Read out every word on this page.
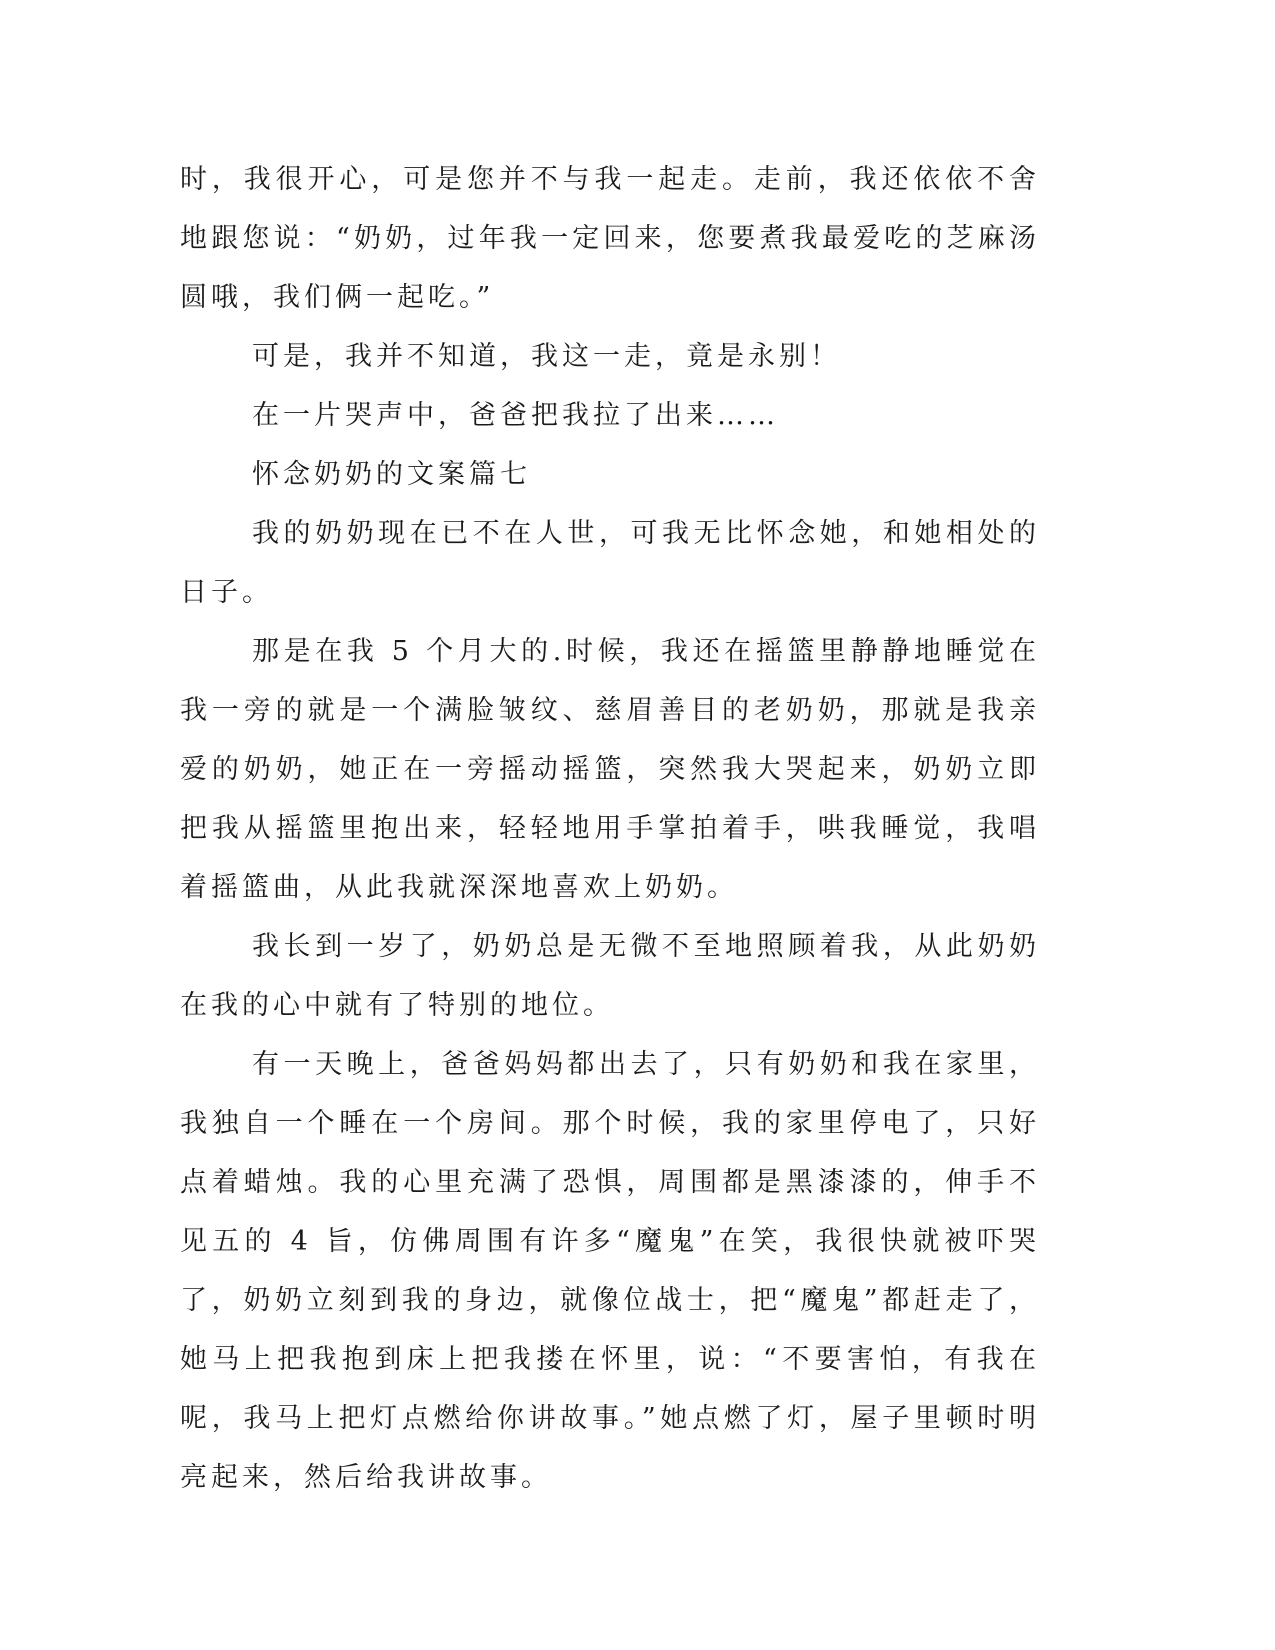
时，我很开心，可是您并不与我一起走。走前，我还依依不舍地跟您说：“奶奶，过年我一定回来，您要煮我最爱吃的芝麻汤圆哦，我们俩一起吃。”

可是，我并不知道，我这一走，竟是永别！

在一片哭声中，爸爸把我拉了出来……

怀念奶奶的文案篇七

我的奶奶现在已不在人世，可我无比怀念她，和她相处的日子。

那是在我 5 个月大的.时候，我还在摇篮里静静地睡觉在我一旁的就是一个满脸皱纹、慈眉善目的老奶奶，那就是我亲爱的奶奶，她正在一旁摇动摇篮，突然我大哭起来，奶奶立即把我从摇篮里抱出来，轻轻地用手掌拍着手，哄我睡觉，我唱着摇篮曲，从此我就深深地喜欢上奶奶。

我长到一岁了，奶奶总是无微不至地照顾着我，从此奶奶在我的心中就有了特别的地位。

有一天晚上，爸爸妈妈都出去了，只有奶奶和我在家里，我独自一个睡在一个房间。那个时候，我的家里停电了，只好点着蜡烛。我的心里充满了恐惧，周围都是黑漆漆的，伸手不见五的 4 旨，仿佛周围有许多“魔鬼”在笑，我很快就被吓哭了，奶奶立刻到我的身边，就像位战士，把“魔鬼”都赶走了，她马上把我抱到床上把我搂在怀里，说：“不要害怕，有我在呢，我马上把灯点燃给你讲故事。”她点燃了灯，屋子里顿时明亮起来，然后给我讲故事。
